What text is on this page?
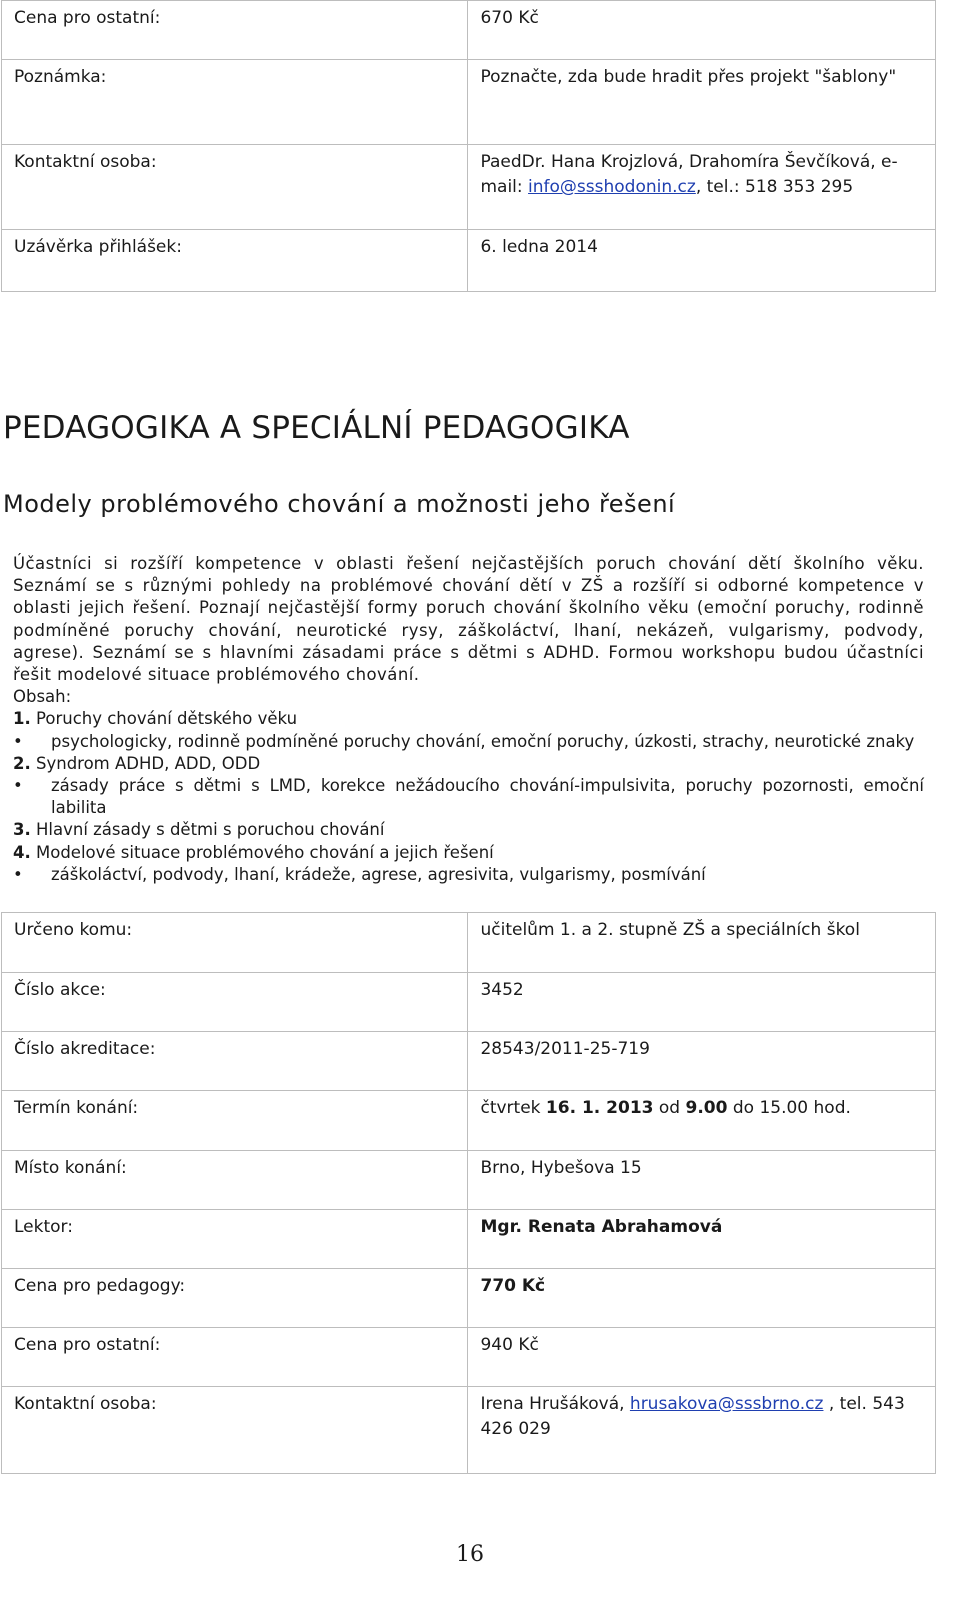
Cena pro ostatní:	670 Kč
Poznámka:	Poznačte, zda bude hradit přes projekt "šablony"
Kontaktní osoba:	PaedDr. Hana Krojzlová, Drahomíra Ševčíková, e-mail: info@ssshodonin.cz, tel.: 518 353 295
Uzávěrka přihlášek:	6. ledna 2014
PEDAGOGIKA A SPECIÁLNÍ PEDAGOGIKA
Modely problémového chování a možnosti jeho řešení

Účastníci si rozšíří kompetence v oblasti řešení nejčastějších poruch chování dětí školního věku. Seznámí se s různými pohledy na problémové chování dětí v ZŠ a rozšíří si odborné kompetence v oblasti jejich řešení. Poznají nejčastější formy poruch chování školního věku (emoční poruchy, rodinně podmíněné poruchy chování, neurotické rysy, záškoláctví, lhaní, nekázeň, vulgarismy, podvody, agrese). Seznámí se s hlavními zásadami práce s dětmi s ADHD. Formou workshopu budou účastníci řešit modelové situace problémového chování.

Obsah:

1. Poruchy chování dětského věku

• psychologicky, rodinně podmíněné poruchy chování, emoční poruchy, úzkosti, strachy, neurotické znaky

2. Syndrom ADHD, ADD, ODD

• zásady práce s dětmi s LMD, korekce nežádoucího chování-impulsivita, poruchy pozornosti, emoční labilita

3. Hlavní zásady s dětmi s poruchou chování

4. Modelové situace problémového chování a jejich řešení

• záškoláctví, podvody, lhaní, krádeže, agrese, agresivita, vulgarismy, posmívání

Určeno komu:	učitelům 1. a 2. stupně ZŠ a speciálních škol
Číslo akce:	3452
Číslo akreditace:	28543/2011-25-719
Termín konání:	čtvrtek 16. 1. 2013 od 9.00 do 15.00 hod.
Místo konání:	Brno, Hybešova 15
Lektor:	Mgr. Renata Abrahamová
Cena pro pedagogy:	770 Kč
Cena pro ostatní:	940 Kč
Kontaktní osoba:	Irena Hrušáková, hrusakova@sssbrno.cz , tel. 543 426 029
16
